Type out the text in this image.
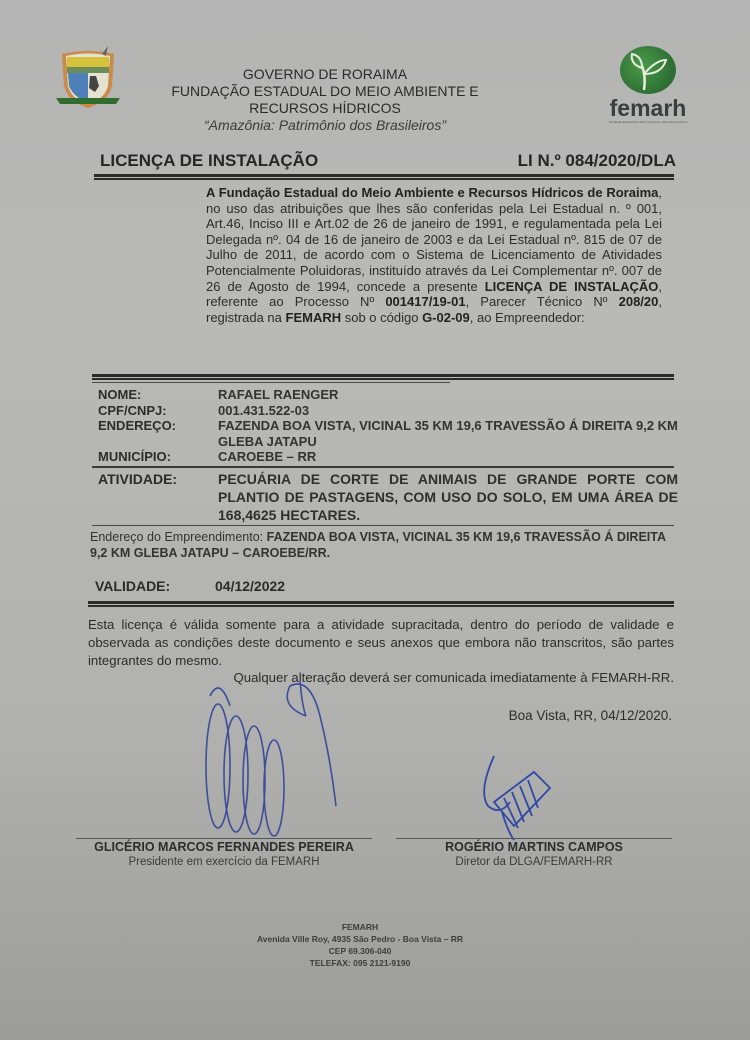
GOVERNO DE RORAIMA
FUNDAÇÃO ESTADUAL DO MEIO AMBIENTE E
RECURSOS HÍDRICOS
“Amazônia: Patrimônio dos Brasileiros”
femarh
Fundação Estadual do Meio Ambiente e Recursos Hídricos
LICENÇA DE INSTALAÇÃO	LI N.º 084/2020/DLA
A Fundação Estadual do Meio Ambiente e Recursos Hídricos de Roraima, no uso das atribuições que lhes são conferidas pela Lei Estadual n. º 001, Art.46, Inciso III e Art.02 de 26 de janeiro de 1991, e regulamentada pela Lei Delegada nº. 04 de 16 de janeiro de 2003 e da Lei Estadual nº. 815 de 07 de Julho de 2011, de acordo com o Sistema de Licenciamento de Atividades Potencialmente Poluidoras, instituído através da Lei Complementar nº. 007 de 26 de Agosto de 1994, concede a presente LICENÇA DE INSTALAÇÃO, referente ao Processo Nº 001417/19-01, Parecer Técnico Nº 208/20, registrada na FEMARH sob o código G-02-09, ao Empreendedor:
NOME:	RAFAEL RAENGER
CPF/CNPJ:	001.431.522-03
ENDEREÇO:	FAZENDA BOA VISTA, VICINAL 35 KM 19,6 TRAVESSÃO Á DIREITA 9,2 KM GLEBA JATAPU
MUNICÍPIO:	CAROEBE – RR
ATIVIDADE:	PECUÁRIA DE CORTE DE ANIMAIS DE GRANDE PORTE COM PLANTIO DE PASTAGENS, COM USO DO SOLO, EM UMA ÁREA DE 168,4625 HECTARES.
Endereço do Empreendimento: FAZENDA BOA VISTA, VICINAL 35 KM 19,6 TRAVESSÃO Á DIREITA 9,2 KM GLEBA JATAPU – CAROEBE/RR.
VALIDADE:	04/12/2022
Esta licença é válida somente para a atividade supracitada, dentro do período de validade e observada as condições deste documento e seus anexos que embora não transcritos, são partes integrantes do mesmo.
Qualquer alteração deverá ser comunicada imediatamente à FEMARH-RR.
Boa Vista, RR, 04/12/2020.
GLICÉRIO MARCOS FERNANDES PEREIRA
Presidente em exercício da FEMARH
ROGÉRIO MARTINS CAMPOS
Diretor da DLGA/FEMARH-RR
FEMARH
Avenida Ville Roy, 4935 São Pedro - Boa Vista – RR
CEP 69.306-040
TELEFAX: 095 2121-9190
